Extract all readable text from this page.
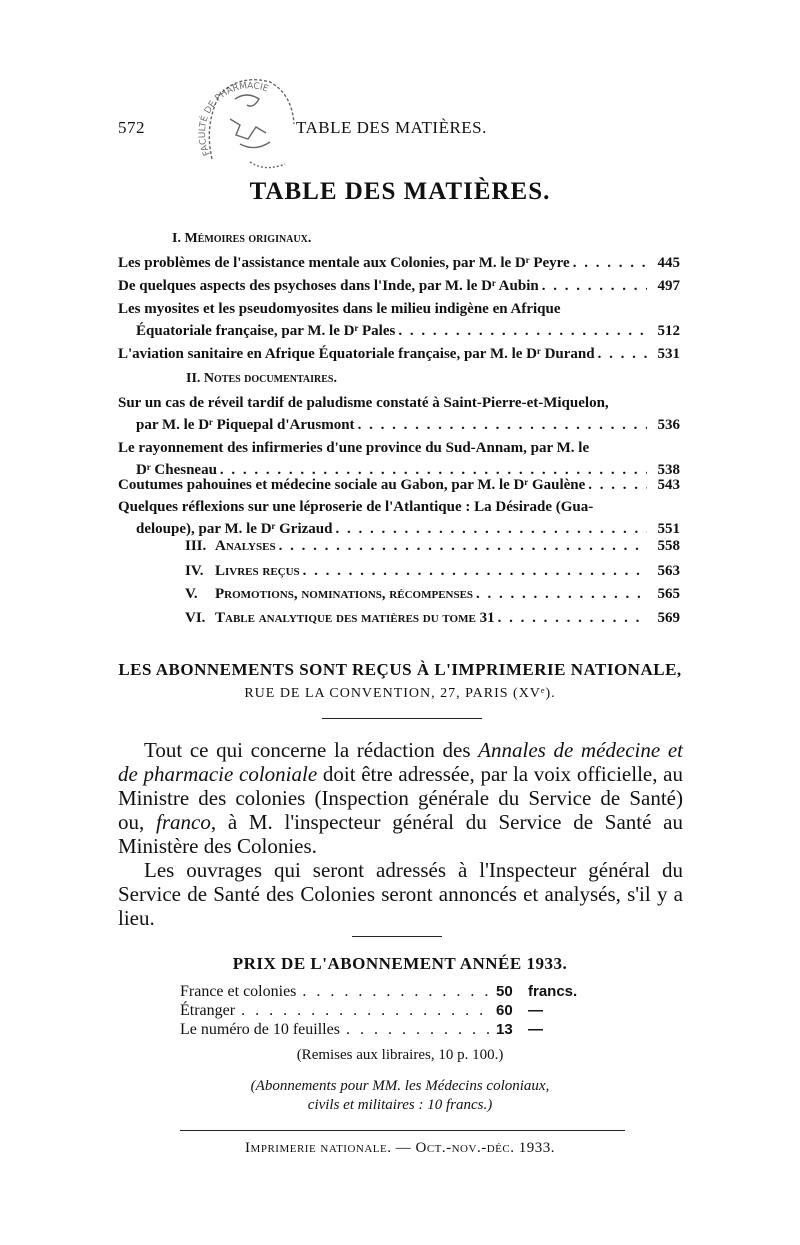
572	TABLE DES MATIÈRES.
FACULTÉ DE PHARMACIE
TABLE DES MATIÈRES.
I. Mémoires originaux.
Les problèmes de l'assistance mentale aux Colonies, par M. le Dʳ Peyre . . .	445
De quelques aspects des psychoses dans l'Inde, par M. le Dʳ Aubin . . .	497
Les myosites et les pseudomyosites dans le milieu indigène en Afrique
Équatoriale française, par M. le Dʳ Pales . . .	512
L'aviation sanitaire en Afrique Équatoriale française, par M. le Dʳ Durand . . .	531
II. Notes documentaires.
Sur un cas de réveil tardif de paludisme constaté à Saint-Pierre-et-Miquelon,
par M. le Dʳ Piquepal d'Arusmont . . .	536
Le rayonnement des infirmeries d'une province du Sud-Annam, par M. le
Dʳ Chesneau . . .	538
Coutumes pahouines et médecine sociale au Gabon, par M. le Dʳ Gaulène . . .	543
Quelques réflexions sur une léproserie de l'Atlantique : La Désirade (Gua-
deloupe), par M. le Dʳ Grizaud . . .	551
III. Analyses . . .	558
IV. Livres reçus . . .	563
V.	Promotions, nominations, récompenses . . .	565
VI. Table analytique des matières du tome 31 . . .	569
LES ABONNEMENTS SONT REÇUS À L'IMPRIMERIE NATIONALE,
RUE DE LA CONVENTION, 27, PARIS (XVᵉ).
Tout ce qui concerne la rédaction des Annales de médecine et de pharmacie coloniale doit être adressée, par la voix officielle, au Ministre des colonies (Inspection générale du Service de Santé) ou, franco, à M. l'inspecteur général du Service de Santé au Ministère des Colonies.
Les ouvrages qui seront adressés à l'Inspecteur général du Service de Santé des Colonies seront annoncés et analysés, s'il y a lieu.
PRIX DE L'ABONNEMENT ANNÉE 1933.
France et colonies . . .	50	francs.
Étranger . . .	60	—
Le numéro de 10 feuilles . . .	13	—
(Remises aux libraires, 10 p. 100.)
(Abonnements pour MM. les Médecins coloniaux,
civils et militaires : 10 francs.)
Imprimerie nationale. — Oct.-nov.-déc. 1933.
